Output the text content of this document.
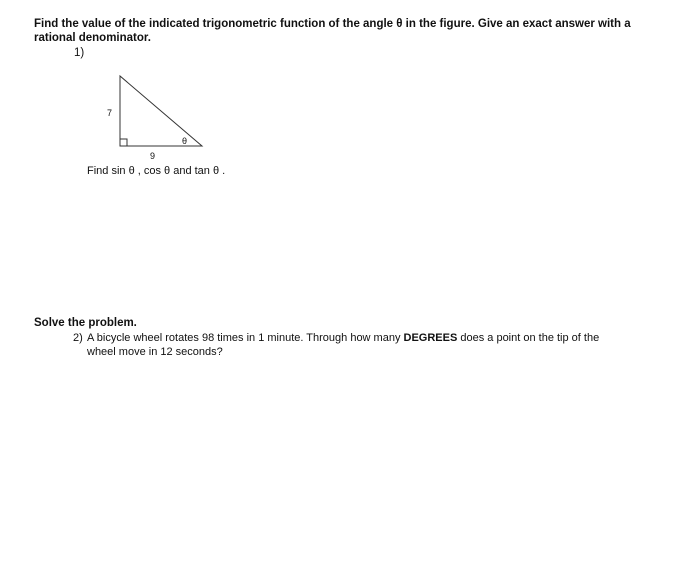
Find the value of the indicated trigonometric function of the angle θ in the figure. Give an exact answer with a rational denominator.
1)
7
9
θ
Find sin θ , cos θ and tan θ .
Solve the problem.
2) A bicycle wheel rotates 98 times in 1 minute. Through how many DEGREES does a point on the tip of the
wheel move in 12 seconds?
